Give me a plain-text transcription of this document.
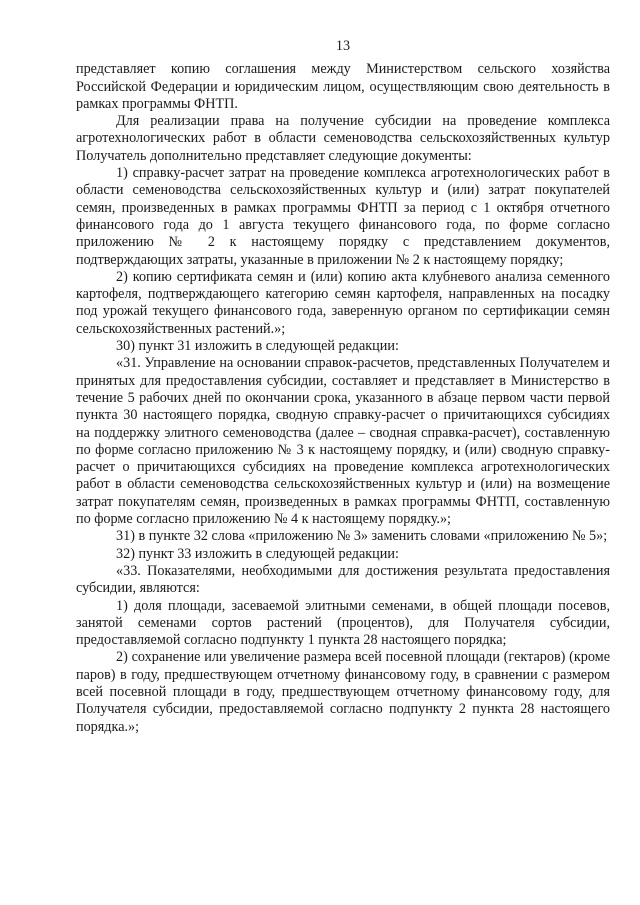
13

представляет копию соглашения между Министерством сельского хозяйства Российской Федерации и юридическим лицом, осуществляющим свою деятельность в рамках программы ФНТП.

Для реализации права на получение субсидии на проведение комплекса агротехнологических работ в области семеноводства сельскохозяйственных культур Получатель дополнительно представляет следующие документы:

1) справку-расчет затрат на проведение комплекса агротехнологических работ в области семеноводства сельскохозяйственных культур и (или) затрат покупателей семян, произведенных в рамках программы ФНТП за период с 1 октября отчетного финансового года до 1 августа текущего финансового года, по форме согласно приложению № 2 к настоящему порядку с представлением документов, подтверждающих затраты, указанные в приложении № 2 к настоящему порядку;

2) копию сертификата семян и (или) копию акта клубневого анализа семенного картофеля, подтверждающего категорию семян картофеля, направленных на посадку под урожай текущего финансового года, заверенную органом по сертификации семян сельскохозяйственных растений.»;

30) пункт 31 изложить в следующей редакции:

«31. Управление на основании справок-расчетов, представленных Получателем и принятых для предоставления субсидии, составляет и представляет в Министерство в течение 5 рабочих дней по окончании срока, указанного в абзаце первом части первой пункта 30 настоящего порядка, сводную справку-расчет о причитающихся субсидиях на поддержку элитного семеноводства (далее – сводная справка-расчет), составленную по форме согласно приложению № 3 к настоящему порядку, и (или) сводную справку-расчет о причитающихся субсидиях на проведение комплекса агротехнологических работ в области семеноводства сельскохозяйственных культур и (или) на возмещение затрат покупателям семян, произведенных в рамках программы ФНТП, составленную по форме согласно приложению № 4 к настоящему порядку.»;

31) в пункте 32 слова «приложению № 3» заменить словами «приложению № 5»;

32) пункт 33 изложить в следующей редакции:

«33. Показателями, необходимыми для достижения результата предоставления субсидии, являются:

1) доля площади, засеваемой элитными семенами, в общей площади посевов, занятой семенами сортов растений (процентов), для Получателя субсидии, предоставляемой согласно подпункту 1 пункта 28 настоящего порядка;

2) сохранение или увеличение размера всей посевной площади (гектаров) (кроме паров) в году, предшествующем отчетному финансовому году, в сравнении с размером всей посевной площади в году, предшествующем отчетному финансовому году, для Получателя субсидии, предоставляемой согласно подпункту 2 пункта 28 настоящего порядка.»;
